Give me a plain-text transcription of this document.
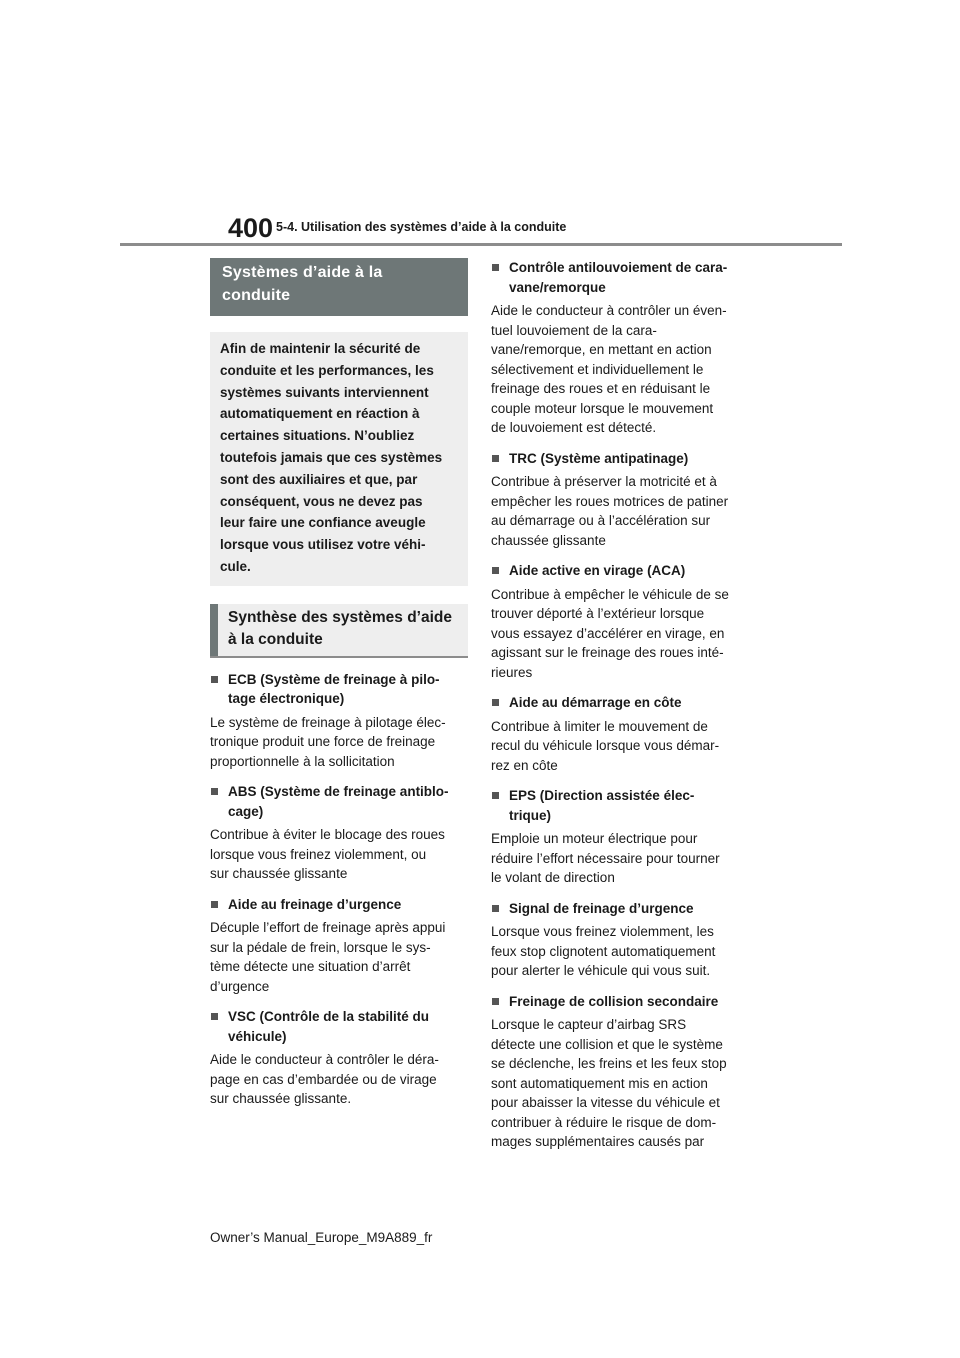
400 5-4. Utilisation des systèmes d’aide à la conduite
Systèmes d’aide à la
conduite
Afin de maintenir la sécurité de
conduite et les performances, les
systèmes suivants interviennent
automatiquement en réaction à
certaines situations. N’oubliez
toutefois jamais que ces systèmes
sont des auxiliaires et que, par
conséquent, vous ne devez pas
leur faire une confiance aveugle
lorsque vous utilisez votre véhi-
cule.
Synthèse des systèmes d’aide
à la conduite
ECB (Système de freinage à pilo-
tage électronique)
Le système de freinage à pilotage élec-
tronique produit une force de freinage
proportionnelle à la sollicitation
ABS (Système de freinage antiblo-
cage)
Contribue à éviter le blocage des roues
lorsque vous freinez violemment, ou
sur chaussée glissante
Aide au freinage d’urgence
Décuple l’effort de freinage après appui
sur la pédale de frein, lorsque le sys-
tème détecte une situation d’arrêt
d’urgence
VSC (Contrôle de la stabilité du
véhicule)
Aide le conducteur à contrôler le déra-
page en cas d’embardée ou de virage
sur chaussée glissante.
Contrôle antilouvoiement de cara-
vane/remorque
Aide le conducteur à contrôler un éven-
tuel louvoiement de la cara-
vane/remorque, en mettant en action
sélectivement et individuellement le
freinage des roues et en réduisant le
couple moteur lorsque le mouvement
de louvoiement est détecté.
TRC (Système antipatinage)
Contribue à préserver la motricité et à
empêcher les roues motrices de patiner
au démarrage ou à l’accélération sur
chaussée glissante
Aide active en virage (ACA)
Contribue à empêcher le véhicule de se
trouver déporté à l’extérieur lorsque
vous essayez d’accélérer en virage, en
agissant sur le freinage des roues inté-
rieures
Aide au démarrage en côte
Contribue à limiter le mouvement de
recul du véhicule lorsque vous démar-
rez en côte
EPS (Direction assistée élec-
trique)
Emploie un moteur électrique pour
réduire l’effort nécessaire pour tourner
le volant de direction
Signal de freinage d’urgence
Lorsque vous freinez violemment, les
feux stop clignotent automatiquement
pour alerter le véhicule qui vous suit.
Freinage de collision secondaire
Lorsque le capteur d’airbag SRS
détecte une collision et que le système
se déclenche, les freins et les feux stop
sont automatiquement mis en action
pour abaisser la vitesse du véhicule et
contribuer à réduire le risque de dom-
mages supplémentaires causés par
Owner’s Manual_Europe_M9A889_fr
